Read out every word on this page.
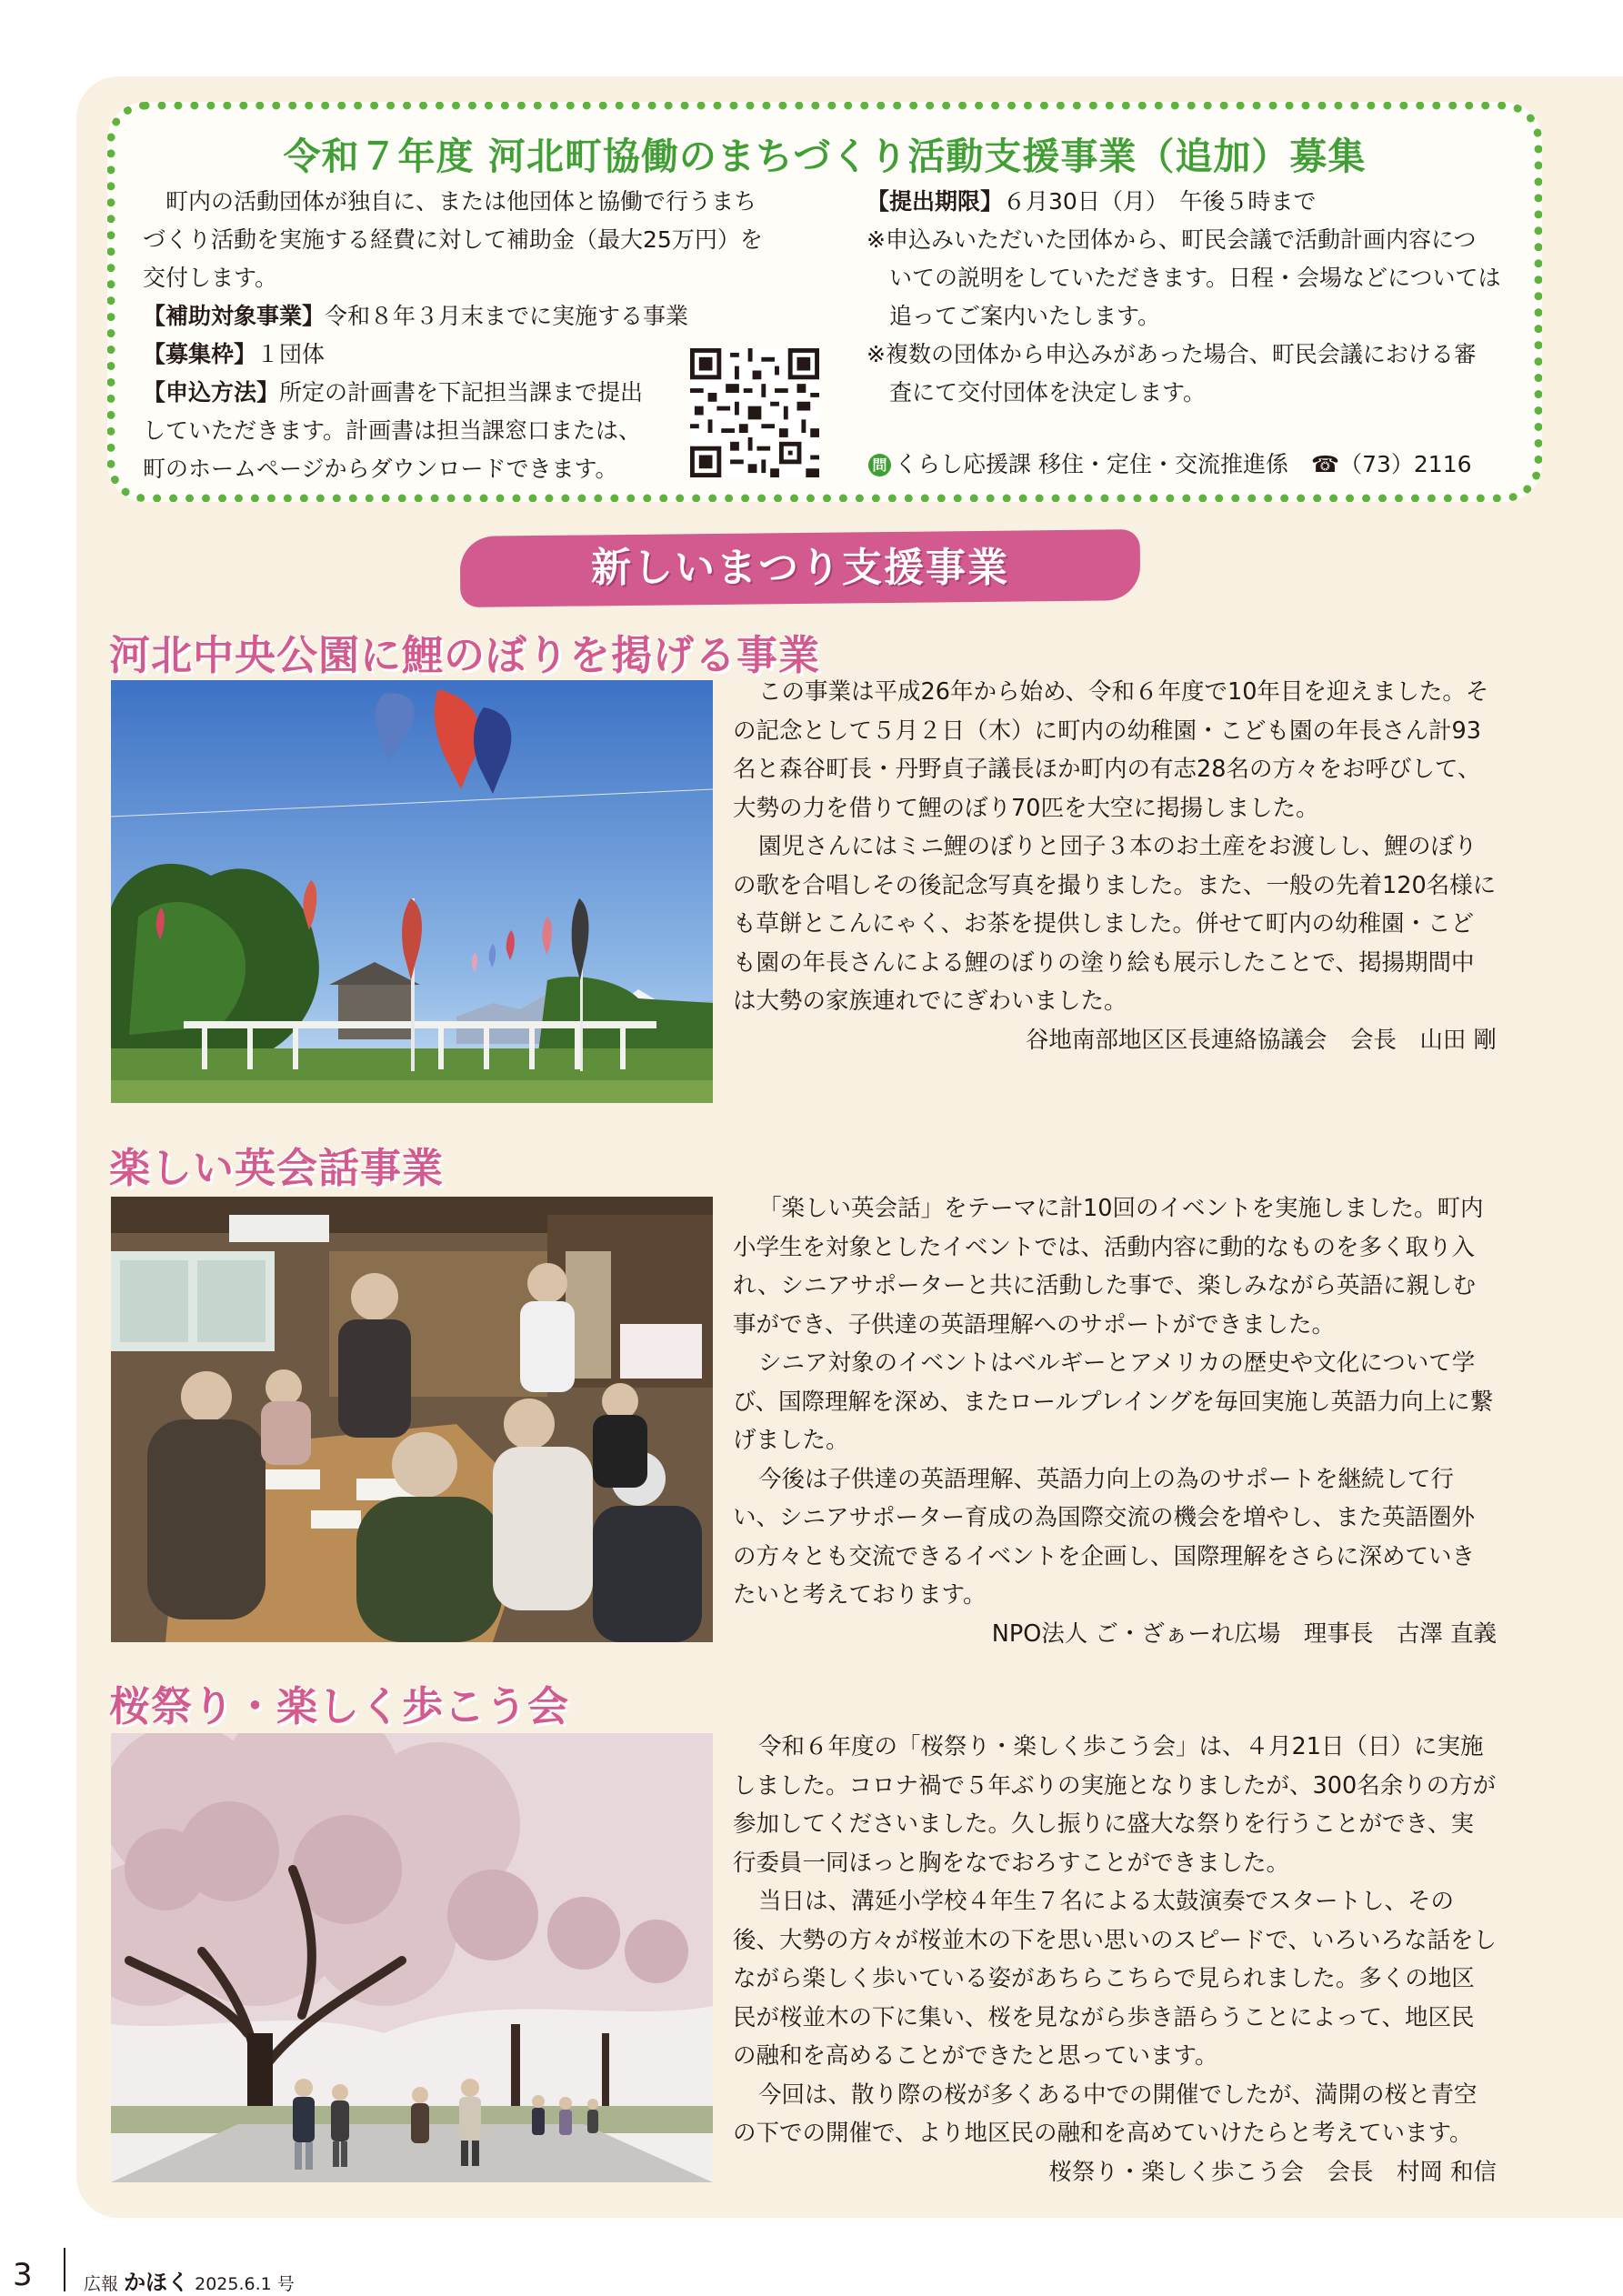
令和７年度 河北町協働のまちづくり活動支援事業（追加）募集
　町内の活動団体が独自に、または他団体と協働で行うまち
づくり活動を実施する経費に対して補助金（最大25万円）を
交付します。
【補助対象事業】令和８年３月末までに実施する事業
【募集枠】１団体
【申込方法】所定の計画書を下記担当課まで提出
していただきます。計画書は担当課窓口または、
町のホームページからダウンロードできます。
【提出期限】６月30日（月）　午後５時まで
※申込みいただいた団体から、町民会議で活動計画内容につ
　いての説明をしていただきます。日程・会場などについては
　追ってご案内いたします。
※複数の団体から申込みがあった場合、町民会議における審
　査にて交付団体を決定します。
問 くらし応援課 移住・定住・交流推進係　☎（73）2116
新しいまつり支援事業
河北中央公園に鯉のぼりを掲げる事業

この事業は平成26年から始め、令和６年度で10年目を迎えました。その記念として５月２日（木）に町内の幼稚園・こども園の年長さん計93名と森谷町長・丹野貞子議長ほか町内の有志28名の方々をお呼びして、大勢の力を借りて鯉のぼり70匹を大空に掲揚しました。

園児さんにはミニ鯉のぼりと団子３本のお土産をお渡しし、鯉のぼりの歌を合唱しその後記念写真を撮りました。また、一般の先着120名様にも草餅とこんにゃく、お茶を提供しました。併せて町内の幼稚園・こども園の年長さんによる鯉のぼりの塗り絵も展示したことで、掲揚期間中は大勢の家族連れでにぎわいました。

谷地南部地区区長連絡協議会　会長　山田 剛
楽しい英会話事業

「楽しい英会話」をテーマに計10回のイベントを実施しました。町内小学生を対象としたイベントでは、活動内容に動的なものを多く取り入れ、シニアサポーターと共に活動した事で、楽しみながら英語に親しむ事ができ、子供達の英語理解へのサポートができました。

シニア対象のイベントはベルギーとアメリカの歴史や文化について学び、国際理解を深め、またロールプレイングを毎回実施し英語力向上に繋げました。

今後は子供達の英語理解、英語力向上の為のサポートを継続して行い、シニアサポーター育成の為国際交流の機会を増やし、また英語圏外の方々とも交流できるイベントを企画し、国際理解をさらに深めていきたいと考えております。

NPO法人 ご・ざぁーれ広場　理事長　古澤 直義
桜祭り・楽しく歩こう会

令和６年度の「桜祭り・楽しく歩こう会」は、４月21日（日）に実施しました。コロナ禍で５年ぶりの実施となりましたが、300名余りの方が参加してくださいました。久し振りに盛大な祭りを行うことができ、実行委員一同ほっと胸をなでおろすことができました。

当日は、溝延小学校４年生７名による太鼓演奏でスタートし、その後、大勢の方々が桜並木の下を思い思いのスピードで、いろいろな話をしながら楽しく歩いている姿があちらこちらで見られました。多くの地区民が桜並木の下に集い、桜を見ながら歩き語らうことによって、地区民の融和を高めることができたと思っています。

今回は、散り際の桜が多くある中での開催でしたが、満開の桜と青空の下での開催で、より地区民の融和を高めていけたらと考えています。

桜祭り・楽しく歩こう会　会長　村岡 和信
3	広報 かほく 2025.6.1 号
